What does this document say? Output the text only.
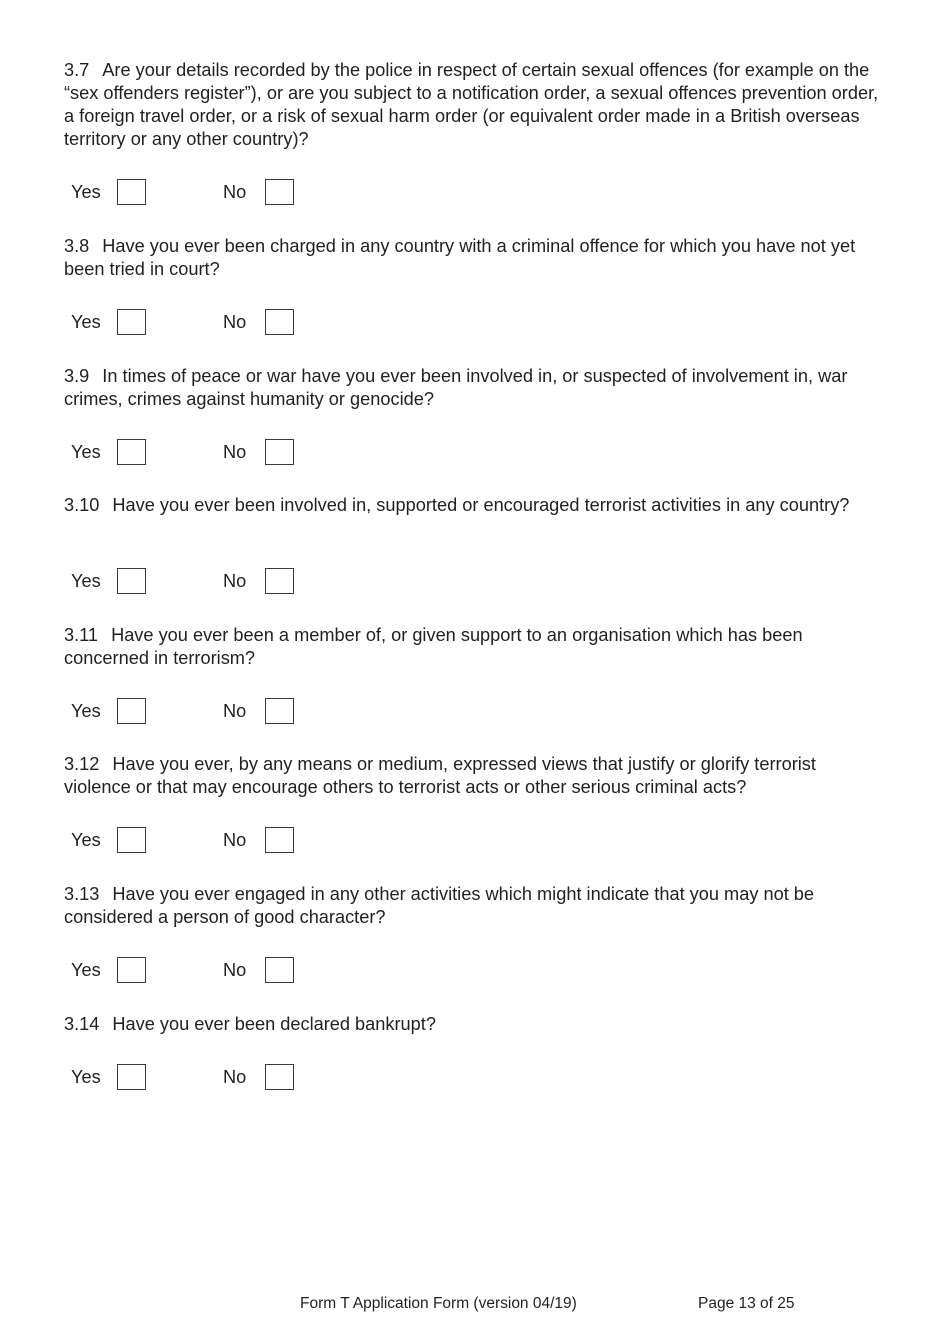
3.7 Are your details recorded by the police in respect of certain sexual offences (for example on the “sex offenders register”), or are you subject to a notification order, a sexual offences prevention order, a foreign travel order, or a risk of sexual harm order (or equivalent order made in a British overseas territory or any other country)?

Yes	No

3.8 Have you ever been charged in any country with a criminal offence for which you have not yet been tried in court?

Yes	No

3.9 In times of peace or war have you ever been involved in, or suspected of involvement in, war crimes, crimes against humanity or genocide?

Yes	No

3.10 Have you ever been involved in, supported or encouraged terrorist activities in any country?

Yes	No

3.11 Have you ever been a member of, or given support to an organisation which has been concerned in terrorism?

Yes	No

3.12 Have you ever, by any means or medium, expressed views that justify or glorify terrorist violence or that may encourage others to terrorist acts or other serious criminal acts?

Yes	No

3.13 Have you ever engaged in any other activities which might indicate that you may not be considered a person of good character?

Yes	No

3.14 Have you ever been declared bankrupt?

Yes	No
Form T Application Form (version 04/19)	Page 13 of 25
